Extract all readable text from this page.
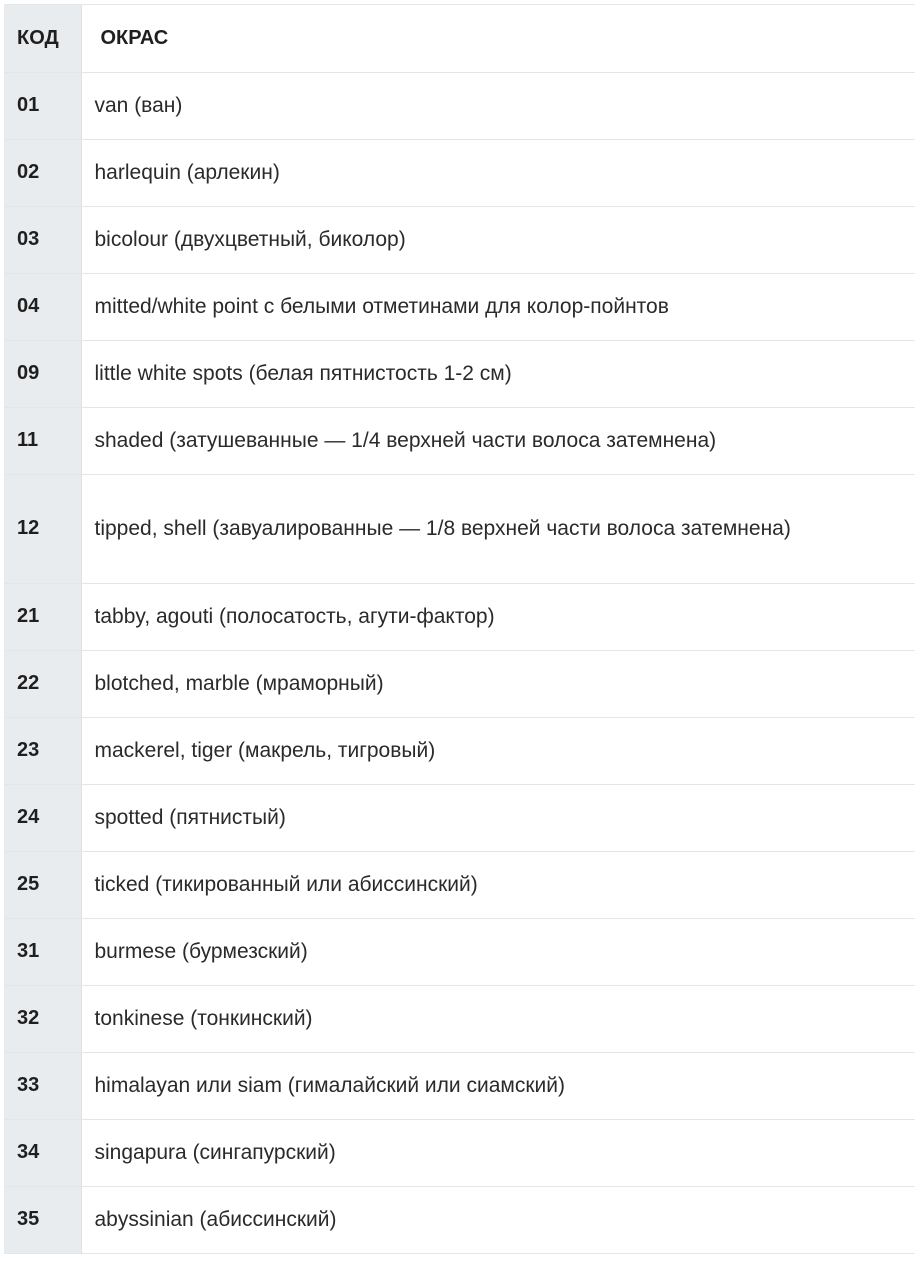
КОД	ОКРАС
01	van (ван)
02	harlequin (арлекин)
03	bicolour (двухцветный, биколор)
04	mitted/white point с белыми отметинами для колор-пойнтов
09	little white spots (белая пятнистость 1-2 см)
11	shaded (затушеванные — 1/4 верхней части волоса затемнена)
12	tipped, shell (завуалированные — 1/8 верхней части волоса затемнена)
21	tabby, agouti (полосатость, агути-фактор)
22	blotched, marble (мраморный)
23	mackerel, tiger (макрель, тигровый)
24	spotted (пятнистый)
25	ticked (тикированный или абиссинский)
31	burmese (бурмезский)
32	tonkinese (тонкинский)
33	himalayan или siam (гималайский или сиамский)
34	singapura (сингапурский)
35	abyssinian (абиссинский)
